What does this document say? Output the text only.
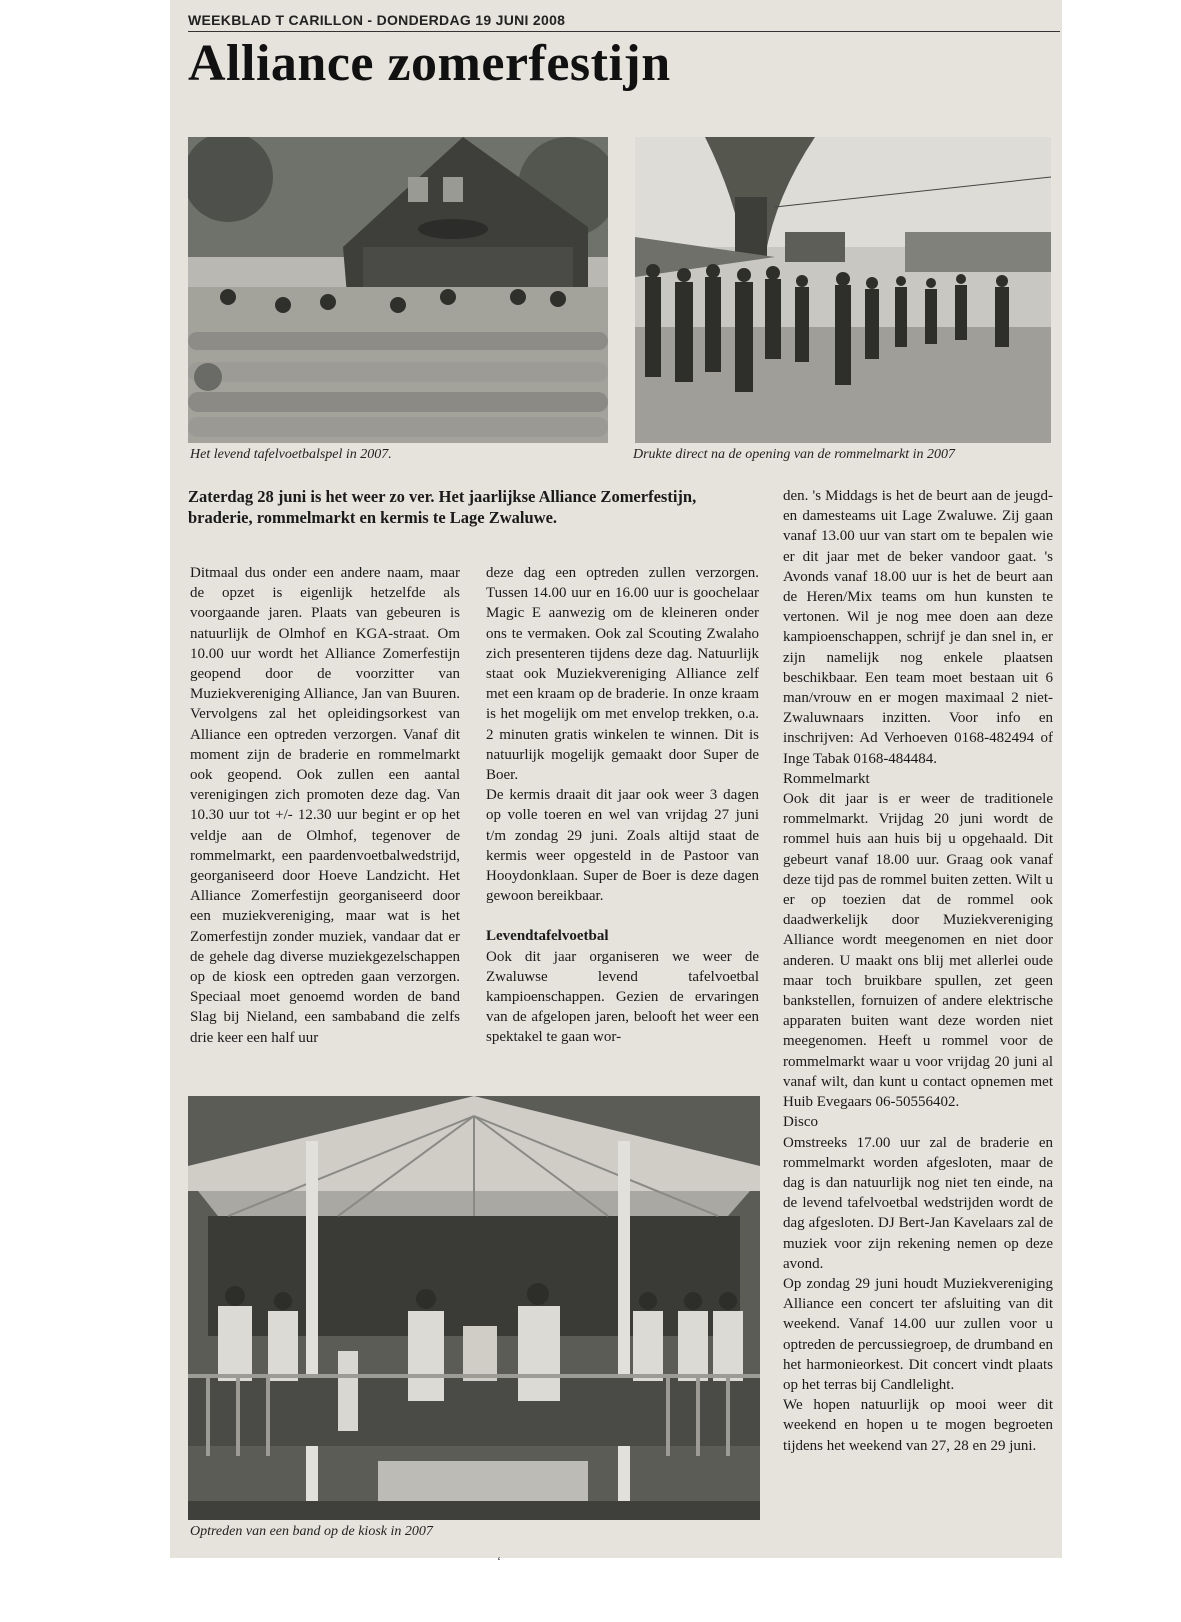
WEEKBLAD T CARILLON - DONDERDAG 19 JUNI 2008
Alliance zomerfestijn
Het levend tafelvoetbalspel in 2007.	Drukte direct na de opening van de rommelmarkt in 2007
Zaterdag 28 juni is het weer zo ver. Het jaarlijkse Alliance Zomerfestijn, braderie, rommelmarkt en kermis te Lage Zwaluwe.

Ditmaal dus onder een andere naam, maar de opzet is eigenlijk hetzelfde als voorgaande jaren. Plaats van gebeuren is natuurlijk de Olmhof en KGA-straat. Om 10.00 uur wordt het Alliance Zomerfestijn geopend door de voorzitter van Muziekvereniging Alliance, Jan van Buuren. Vervolgens zal het opleidingsorkest van Alliance een optreden verzorgen. Vanaf dit moment zijn de braderie en rommelmarkt ook geopend. Ook zullen een aantal verenigingen zich promoten deze dag. Van 10.30 uur tot +/- 12.30 uur begint er op het veldje aan de Olmhof, tegenover de rommelmarkt, een paardenvoetbalwedstrijd, georganiseerd door Hoeve Landzicht. Het Alliance Zomerfestijn georganiseerd door een muziekvereniging, maar wat is het Zomerfestijn zonder muziek, vandaar dat er de gehele dag diverse muziekgezelschappen op de kiosk een optreden gaan verzorgen. Speciaal moet genoemd worden de band Slag bij Nieland, een sambaband die zelfs drie keer een half uur

deze dag een optreden zullen verzorgen. Tussen 14.00 uur en 16.00 uur is goochelaar Magic E aanwezig om de kleineren onder ons te vermaken. Ook zal Scouting Zwalaho zich presenteren tijdens deze dag. Natuurlijk staat ook Muziekvereniging Alliance zelf met een kraam op de braderie. In onze kraam is het mogelijk om met envelop trekken, o.a. 2 minuten gratis winkelen te winnen. Dit is natuurlijk mogelijk gemaakt door Super de Boer.

De kermis draait dit jaar ook weer 3 dagen op volle toeren en wel van vrijdag 27 juni t/m zondag 29 juni. Zoals altijd staat de kermis weer opgesteld in de Pastoor van Hooydonklaan. Super de Boer is deze dagen gewoon bereikbaar.

Levendtafelvoetbal

Ook dit jaar organiseren we weer de Zwaluwse levend tafelvoetbal kampioenschappen. Gezien de ervaringen van de afgelopen jaren, belooft het weer een spektakel te gaan wor-

Optreden van een band op de kiosk in 2007

den. 's Middags is het de beurt aan de jeugd- en damesteams uit Lage Zwaluwe. Zij gaan vanaf 13.00 uur van start om te bepalen wie er dit jaar met de beker vandoor gaat. 's Avonds vanaf 18.00 uur is het de beurt aan de Heren/Mix teams om hun kunsten te vertonen. Wil je nog mee doen aan deze kampioenschappen, schrijf je dan snel in, er zijn namelijk nog enkele plaatsen beschikbaar. Een team moet bestaan uit 6 man/vrouw en er mogen maximaal 2 niet-Zwaluwnaars inzitten. Voor info en inschrijven: Ad Verhoeven 0168-482494 of Inge Tabak 0168-484484.

Rommelmarkt

Ook dit jaar is er weer de traditionele rommelmarkt. Vrijdag 20 juni wordt de rommel huis aan huis bij u opgehaald. Dit gebeurt vanaf 18.00 uur. Graag ook vanaf deze tijd pas de rommel buiten zetten. Wilt u er op toezien dat de rommel ook daadwerkelijk door Muziekvereniging Alliance wordt meegenomen en niet door anderen. U maakt ons blij met allerlei oude maar toch bruikbare spullen, zet geen bankstellen, fornuizen of andere elektrische apparaten buiten want deze worden niet meegenomen. Heeft u rommel voor de rommelmarkt waar u voor vrijdag 20 juni al vanaf wilt, dan kunt u contact opnemen met Huib Evegaars 06-50556402.

Disco

Omstreeks 17.00 uur zal de braderie en rommelmarkt worden afgesloten, maar de dag is dan natuurlijk nog niet ten einde, na de levend tafelvoetbal wedstrijden wordt de dag afgesloten. DJ Bert-Jan Kavelaars zal de muziek voor zijn rekening nemen op deze avond.

Op zondag 29 juni houdt Muziekvereniging Alliance een concert ter afsluiting van dit weekend. Vanaf 14.00 uur zullen voor u optreden de percussiegroep, de drumband en het harmonieorkest. Dit concert vindt plaats op het terras bij Candlelight.

We hopen natuurlijk op mooi weer dit weekend en hopen u te mogen begroeten tijdens het weekend van 27, 28 en 29 juni.

ʻ
